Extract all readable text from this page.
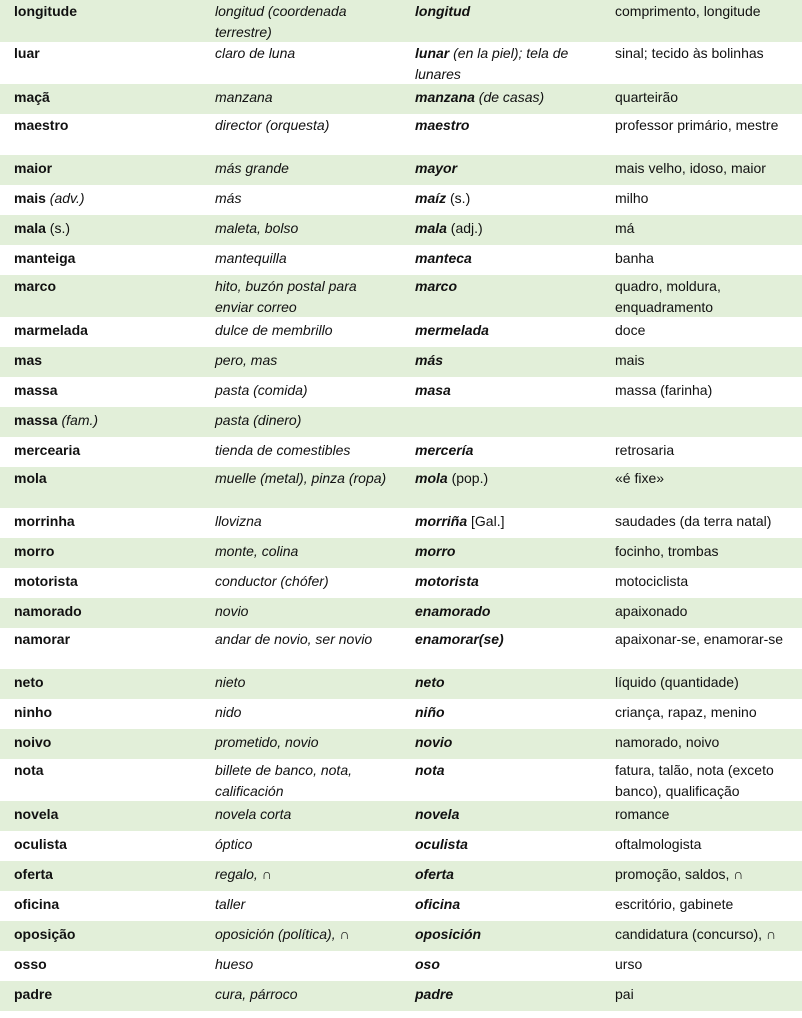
longitude	longitud (coordenada terrestre)	longitud	comprimento, longitude
luar	claro de luna	lunar (en la piel); tela de lunares	sinal; tecido às bolinhas
maçã	manzana	manzana (de casas)	quarteirão
maestro	director (orquesta)	maestro	professor primário, mestre
maior	más grande	mayor	mais velho, idoso, maior
mais (adv.)	más	maíz (s.)	milho
mala (s.)	maleta, bolso	mala (adj.)	má
manteiga	mantequilla	manteca	banha
marco	hito, buzón postal para enviar correo	marco	quadro, moldura, enquadramento
marmelada	dulce de membrillo	mermelada	doce
mas	pero, mas	más	mais
massa	pasta (comida)	masa	massa (farinha)
massa (fam.)	pasta (dinero)		
mercearia	tienda de comestibles	mercería	retrosaria
mola	muelle (metal), pinza (ropa)	mola (pop.)	«é fixe»
morrinha	llovizna	morriña [Gal.]	saudades (da terra natal)
morro	monte, colina	morro	focinho, trombas
motorista	conductor (chófer)	motorista	motociclista
namorado	novio	enamorado	apaixonado
namorar	andar de novio, ser novio	enamorar(se)	apaixonar-se, enamorar-se
neto	nieto	neto	líquido (quantidade)
ninho	nido	niño	criança, rapaz, menino
noivo	prometido, novio	novio	namorado, noivo
nota	billete de banco, nota, calificación	nota	fatura, talão, nota (exceto banco), qualificação
novela	novela corta	novela	romance
oculista	óptico	oculista	oftalmologista
oferta	regalo, ∩	oferta	promoção, saldos, ∩
oficina	taller	oficina	escritório, gabinete
oposição	oposición (política), ∩	oposición	candidatura (concurso), ∩
osso	hueso	oso	urso
padre	cura, párroco	padre	pai
